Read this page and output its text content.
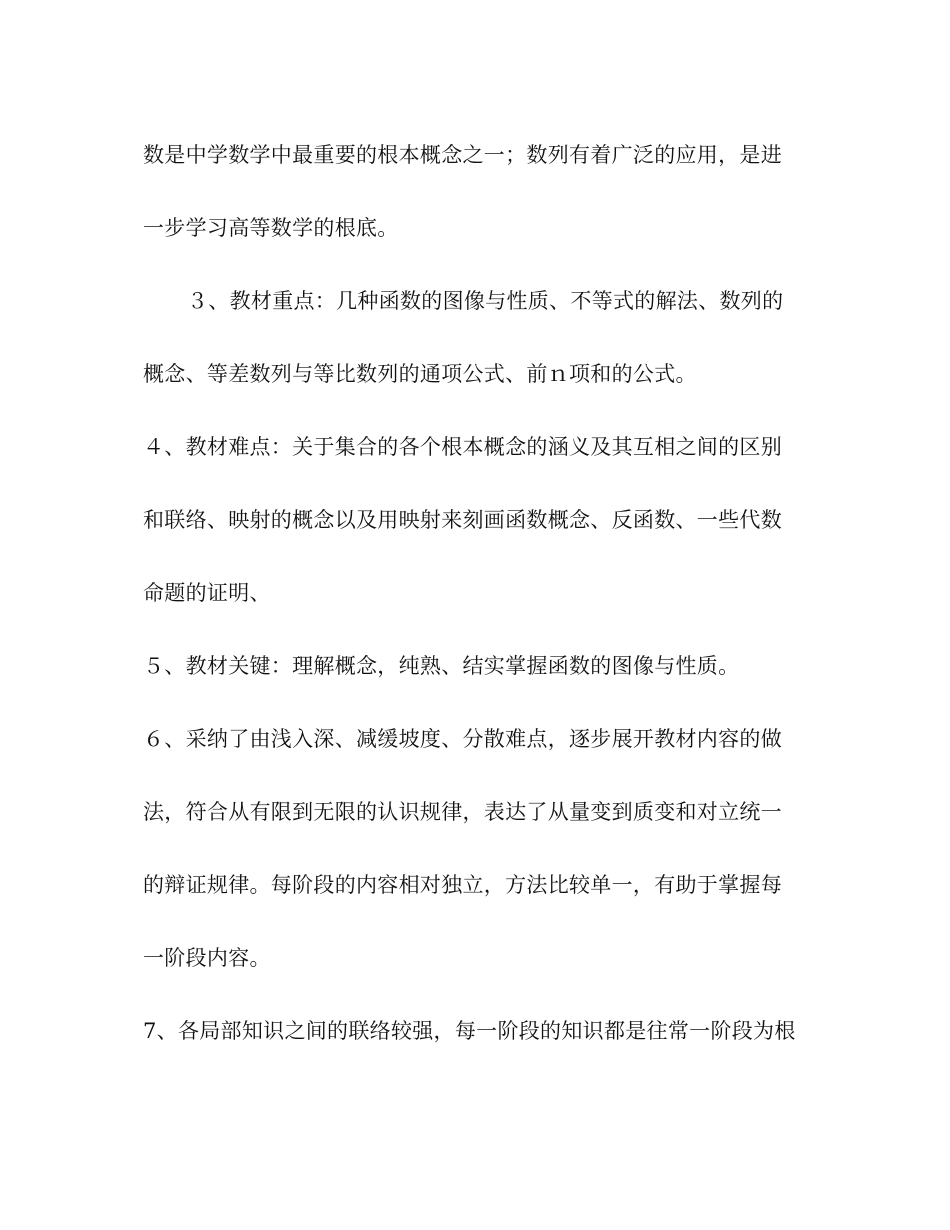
数是中学数学中最重要的根本概念之一；数列有着广泛的应用，是进
一步学习高等数学的根底。
３、教材重点：几种函数的图像与性质、不等式的解法、数列的
概念、等差数列与等比数列的通项公式、前ｎ项和的公式。
４、教材难点：关于集合的各个根本概念的涵义及其互相之间的区别
和联络、映射的概念以及用映射来刻画函数概念、反函数、一些代数
命题的证明、
５、教材关键：理解概念，纯熟、结实掌握函数的图像与性质。
６、采纳了由浅入深、减缓坡度、分散难点，逐步展开教材内容的做
法，符合从有限到无限的认识规律，表达了从量变到质变和对立统一
的辩证规律。每阶段的内容相对独立，方法比较单一，有助于掌握每
一阶段内容。
7、各局部知识之间的联络较强，每一阶段的知识都是往常一阶段为根
